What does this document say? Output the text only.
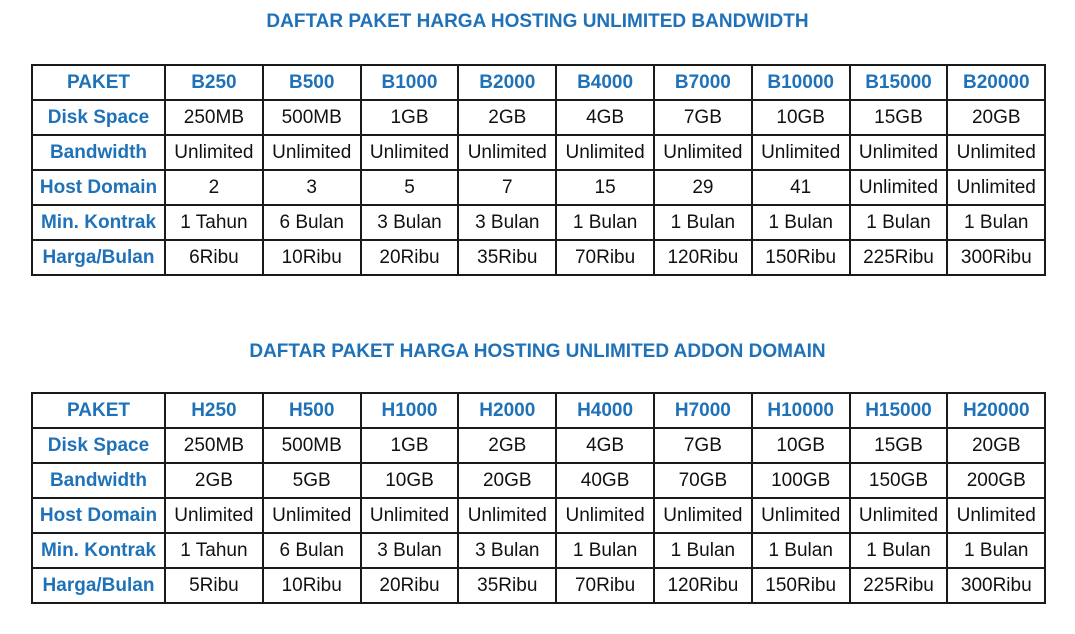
DAFTAR PAKET HARGA HOSTING UNLIMITED BANDWIDTH
PAKET	B250	B500	B1000	B2000	B4000	B7000	B10000	B15000	B20000
Disk Space	250MB	500MB	1GB	2GB	4GB	7GB	10GB	15GB	20GB
Bandwidth	Unlimited	Unlimited	Unlimited	Unlimited	Unlimited	Unlimited	Unlimited	Unlimited	Unlimited
Host Domain	2	3	5	7	15	29	41	Unlimited	Unlimited
Min. Kontrak	1 Tahun	6 Bulan	3 Bulan	3 Bulan	1 Bulan	1 Bulan	1 Bulan	1 Bulan	1 Bulan
Harga/Bulan	6Ribu	10Ribu	20Ribu	35Ribu	70Ribu	120Ribu	150Ribu	225Ribu	300Ribu
DAFTAR PAKET HARGA HOSTING UNLIMITED ADDON DOMAIN
PAKET	H250	H500	H1000	H2000	H4000	H7000	H10000	H15000	H20000
Disk Space	250MB	500MB	1GB	2GB	4GB	7GB	10GB	15GB	20GB
Bandwidth	2GB	5GB	10GB	20GB	40GB	70GB	100GB	150GB	200GB
Host Domain	Unlimited	Unlimited	Unlimited	Unlimited	Unlimited	Unlimited	Unlimited	Unlimited	Unlimited
Min. Kontrak	1 Tahun	6 Bulan	3 Bulan	3 Bulan	1 Bulan	1 Bulan	1 Bulan	1 Bulan	1 Bulan
Harga/Bulan	5Ribu	10Ribu	20Ribu	35Ribu	70Ribu	120Ribu	150Ribu	225Ribu	300Ribu
